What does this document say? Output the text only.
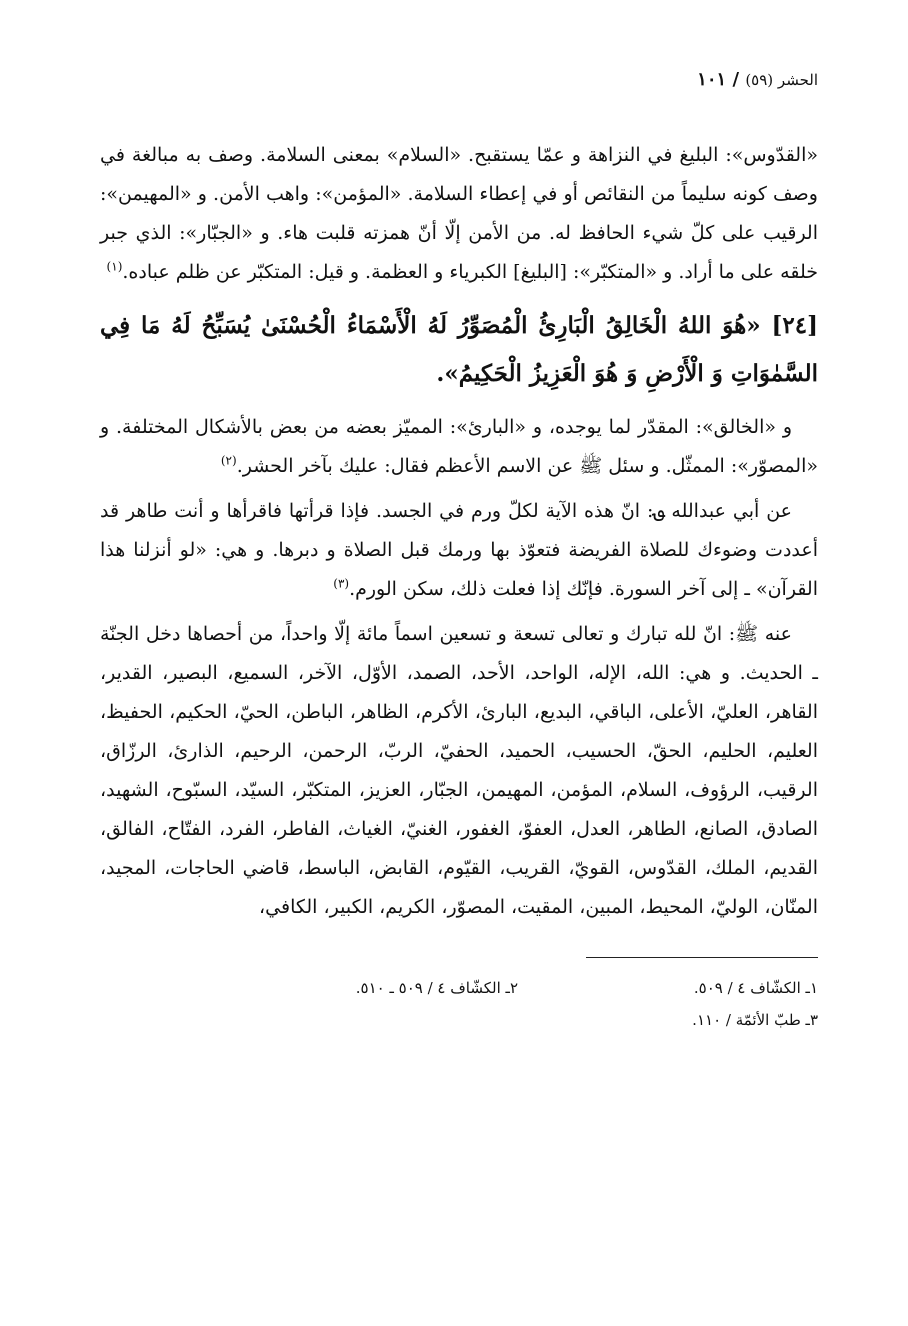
الحشر (٥٩) / ١٠١

«القدّوس»: البليغ في النزاهة و عمّا يستقبح. «السلام» بمعنى السلامة. وصف به مبالغة في وصف كونه سليماً من النقائص أو في إعطاء السلامة. «المؤمن»: واهب الأمن. و «المهيمن»: الرقيب على كلّ شيء الحافظ له. من الأمن إلّا أنّ همزته قلبت هاء. و «الجبّار»: الذي جبر خلقه على ما أراد. و «المتكبّر»: [البليغ] الكبرياء و العظمة. و قيل: المتكبّر عن ظلم عباده.$^{(١)}$

[٢٤] «هُوَ اللهُ الْخَالِقُ الْبَارِئُ الْمُصَوِّرُ لَهُ الْأَسْمَاءُ الْحُسْنَىٰ يُسَبِّحُ لَهُ مَا فِي السَّمٰوَاتِ وَ الْأَرْضِ وَ هُوَ الْعَزِيزُ الْحَكِيمُ».

و «الخالق»: المقدّر لما يوجده، و «البارئ»: المميّز بعضه من بعض بالأشكال المختلفة. و «المصوّر»: الممثّل. و سئل ﷺ عن الاسم الأعظم فقال: عليك بآخر الحشر.$^{(٢)}$

عن أبي عبدالله ؈: انّ هذه الآية لكلّ ورم في الجسد. فإذا قرأتها فاقرأها و أنت طاهر قد أعددت وضوءك للصلاة الفريضة فتعوّذ بها ورمك قبل الصلاة و دبرها. و هي: «لو أنزلنا هذا القرآن» ـ إلى آخر السورة. فإنّك إذا فعلت ذلك، سكن الورم.$^{(٣)}$

عنه ﷺ: انّ لله تبارك و تعالى تسعة و تسعين اسماً مائة إلّا واحداً، من أحصاها دخل الجنّة ـ الحديث. و هي: الله، الإله، الواحد، الأحد، الصمد، الأوّل، الآخر، السميع، البصير، القدير، القاهر، العليّ، الأعلى، الباقي، البديع، البارئ، الأكرم، الظاهر، الباطن، الحيّ، الحكيم، الحفيظ، العليم، الحليم، الحقّ، الحسيب، الحميد، الحفيّ، الربّ، الرحمن، الرحيم، الذارئ، الرزّاق، الرقيب، الرؤوف، السلام، المؤمن، المهيمن، الجبّار، العزيز، المتكبّر، السيّد، السبّوح، الشهيد، الصادق، الصانع، الطاهر، العدل، العفوّ، الغفور، الغنيّ، الغياث، الفاطر، الفرد، الفتّاح، الفالق، القديم، الملك، القدّوس، القويّ، القريب، القيّوم، القابض، الباسط، قاضي الحاجات، المجيد، المنّان، الوليّ، المحيط، المبين، المقيت، المصوّر، الكريم، الكبير، الكافي،

١ـ الكشّاف ٤ / ٥٠٩.
٢ـ الكشّاف ٤ / ٥٠٩ ـ ٥١٠.
٣ـ طبّ الأئمّة / ١١٠.
